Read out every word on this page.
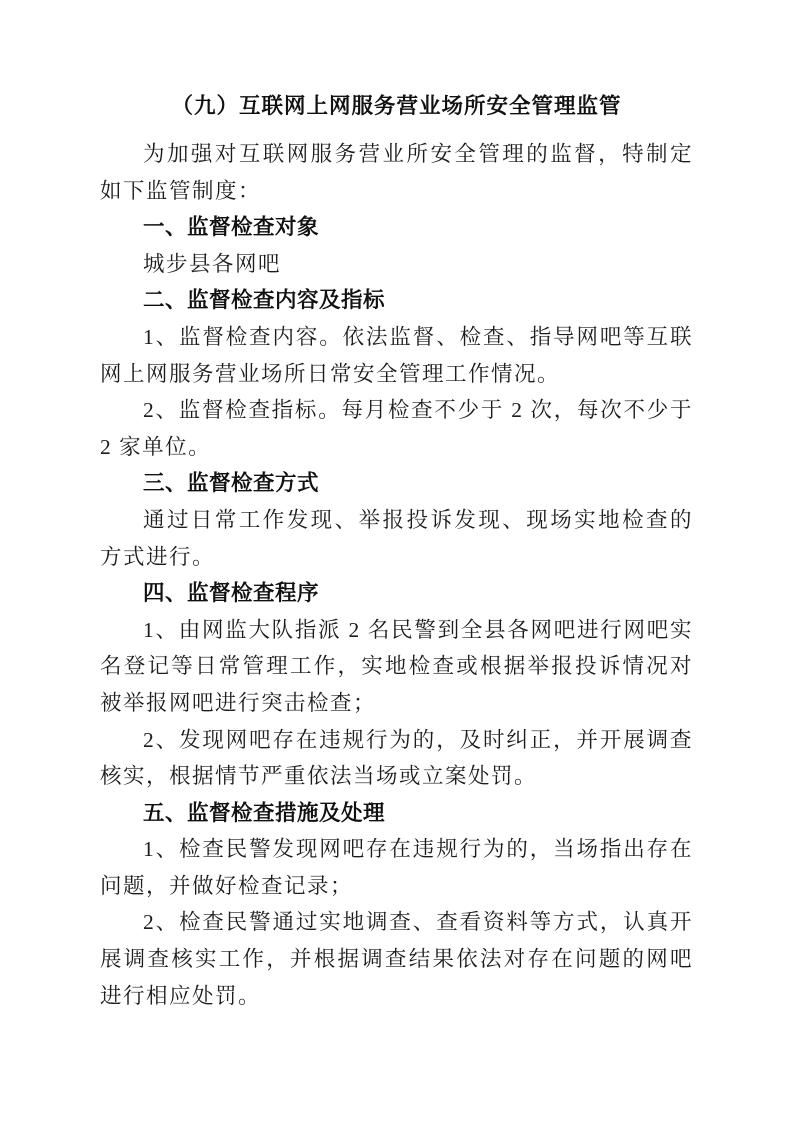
（九）互联网上网服务营业场所安全管理监管

为加强对互联网服务营业所安全管理的监督，特制定如下监管制度：

一、监督检查对象

城步县各网吧

二、监督检查内容及指标

1、监督检查内容。依法监督、检查、指导网吧等互联网上网服务营业场所日常安全管理工作情况。

2、监督检查指标。每月检查不少于 2 次，每次不少于 2 家单位。

三、监督检查方式

通过日常工作发现、举报投诉发现、现场实地检查的方式进行。

四、监督检查程序

1、由网监大队指派 2 名民警到全县各网吧进行网吧实名登记等日常管理工作，实地检查或根据举报投诉情况对被举报网吧进行突击检查；

2、发现网吧存在违规行为的，及时纠正，并开展调查核实，根据情节严重依法当场或立案处罚。

五、监督检查措施及处理

1、检查民警发现网吧存在违规行为的，当场指出存在问题，并做好检查记录；

2、检查民警通过实地调查、查看资料等方式，认真开展调查核实工作，并根据调查结果依法对存在问题的网吧进行相应处罚。
